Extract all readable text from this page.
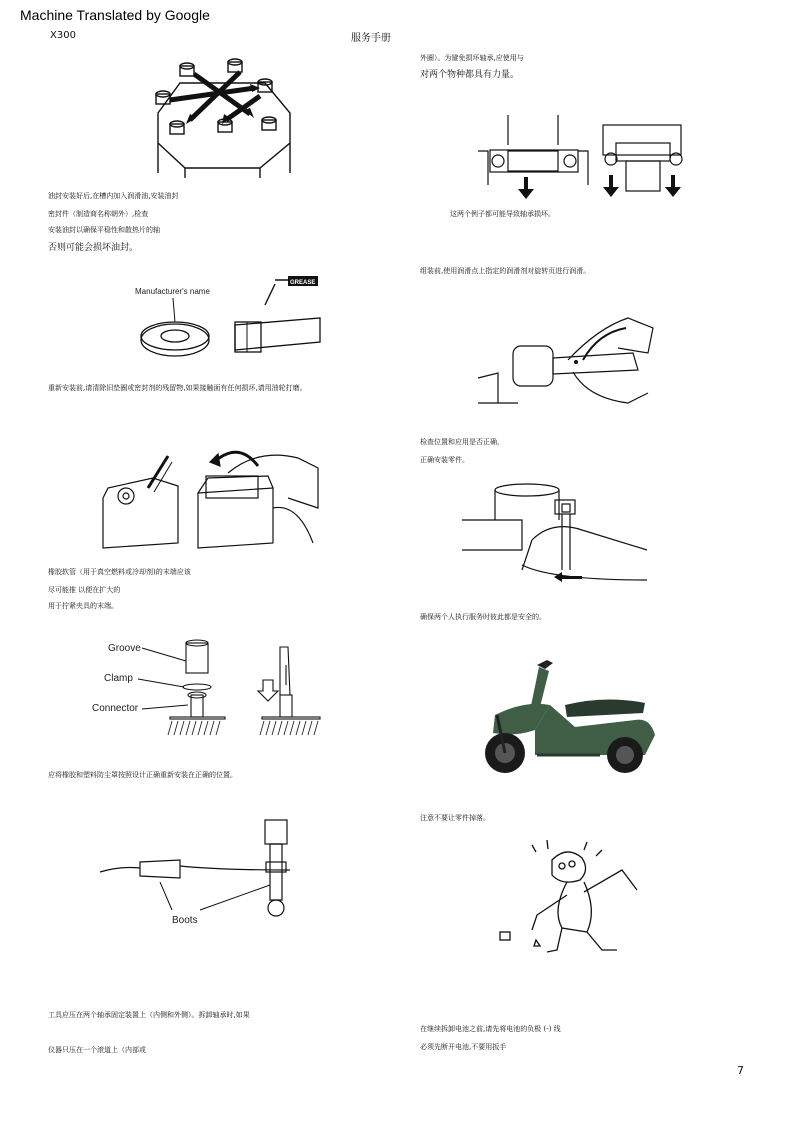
Machine Translated by Google
X300	服务手册
油封安装好后,在槽内加入润滑油,安装油封
密封件（制造商名称朝外）,检查
安装油封以确保平稳性和散热片的轴
否则可能会损坏油封。
Manufacturer's name
GREASE
重新安装前,请清除旧垫圈或密封剂的残留物,如果接触面有任何损坏,请用油轮打磨。
橡胶软管（用于真空燃料或冷却剂)的末端应该
尽可能推 以便在扩大的
用于拧紧夹具的末端。
Groove
Clamp
Connector
应将橡胶和塑料防尘罩按照设计正确重新安装在正确的位置。
Boots
工具应压在两个轴承固定装置上（内侧和外侧）。拆卸轴承时,如果
仪器只压在一个滚道上（内部或
外圈）。为避免损坏轴承,应使用与
对两个物种都具有力量。
这两个例子都可能导致轴承损坏。
组装前,使用润滑点上指定的润滑剂对旋转页进行润滑。
检查位置和应用是否正确，
正确安装零件。
确保两个人执行服务时彼此都是安全的。
注意不要让零件掉落。
在继续拆卸电池之前,请先将电池的负极 (-) 线
必须先断开电池,不要用扳手
7
